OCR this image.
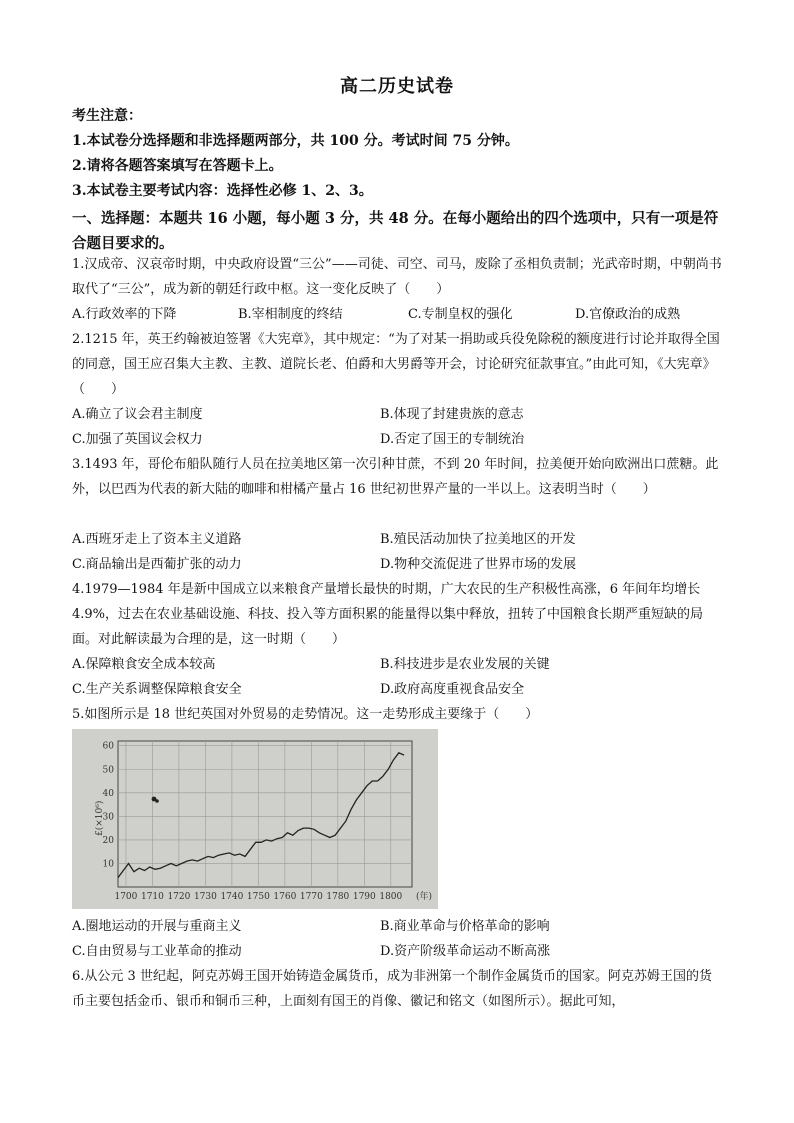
高二历史试卷
考生注意：
1.本试卷分选择题和非选择题两部分，共 100 分。考试时间 75 分钟。
2.请将各题答案填写在答题卡上。
3.本试卷主要考试内容：选择性必修 1、2、3。
一、选择题：本题共 16 小题，每小题 3 分，共 48 分。在每小题给出的四个选项中，只有一项是符合题目要求的。
1.汉成帝、汉哀帝时期，中央政府设置“三公”——司徒、司空、司马，废除了丞相负责制；光武帝时期，中朝尚书取代了“三公”，成为新的朝廷行政中枢。这一变化反映了（　　）
A.行政效率的下降	B.宰相制度的终结	C.专制皇权的强化	D.官僚政治的成熟
2.1215 年，英王约翰被迫签署《大宪章》，其中规定：“为了对某一捐助或兵役免除税的额度进行讨论并取得全国的同意，国王应召集大主教、主教、道院长老、伯爵和大男爵等开会，讨论研究征款事宜。”由此可知，《大宪章》（　　）
A.确立了议会君主制度	B.体现了封建贵族的意志
C.加强了英国议会权力	D.否定了国王的专制统治
3.1493 年，哥伦布船队随行人员在拉美地区第一次引种甘蔗，不到 20 年时间，拉美便开始向欧洲出口蔗糖。此外，以巴西为代表的新大陆的咖啡和柑橘产量占 16 世纪初世界产量的一半以上。这表明当时（　　）
A.西班牙走上了资本主义道路	B.殖民活动加快了拉美地区的开发
C.商品输出是西葡扩张的动力	D.物种交流促进了世界市场的发展
4.1979—1984 年是新中国成立以来粮食产量增长最快的时期，广大农民的生产积极性高涨，6 年间年均增长 4.9%，过去在农业基础设施、科技、投入等方面积累的能量得以集中释放，扭转了中国粮食长期严重短缺的局面。对此解读最为合理的是，这一时期（　　）
A.保障粮食安全成本较高	B.科技进步是农业发展的关键
C.生产关系调整保障粮食安全	D.政府高度重视食品安全
5.如图所示是 18 世纪英国对外贸易的走势情况。这一走势形成主要缘于（　　）
1700 1710 1720 1730 1740 1750 1760 1770 1780 1790 1800
10
20
30
40
50
60
£(×10⁶)
(年)
A.圈地运动的开展与重商主义	B.商业革命与价格革命的影响
C.自由贸易与工业革命的推动	D.资产阶级革命运动不断高涨
6.从公元 3 世纪起，阿克苏姆王国开始铸造金属货币，成为非洲第一个制作金属货币的国家。阿克苏姆王国的货币主要包括金币、银币和铜币三种，上面刻有国王的肖像、徽记和铭文（如图所示）。据此可知，
